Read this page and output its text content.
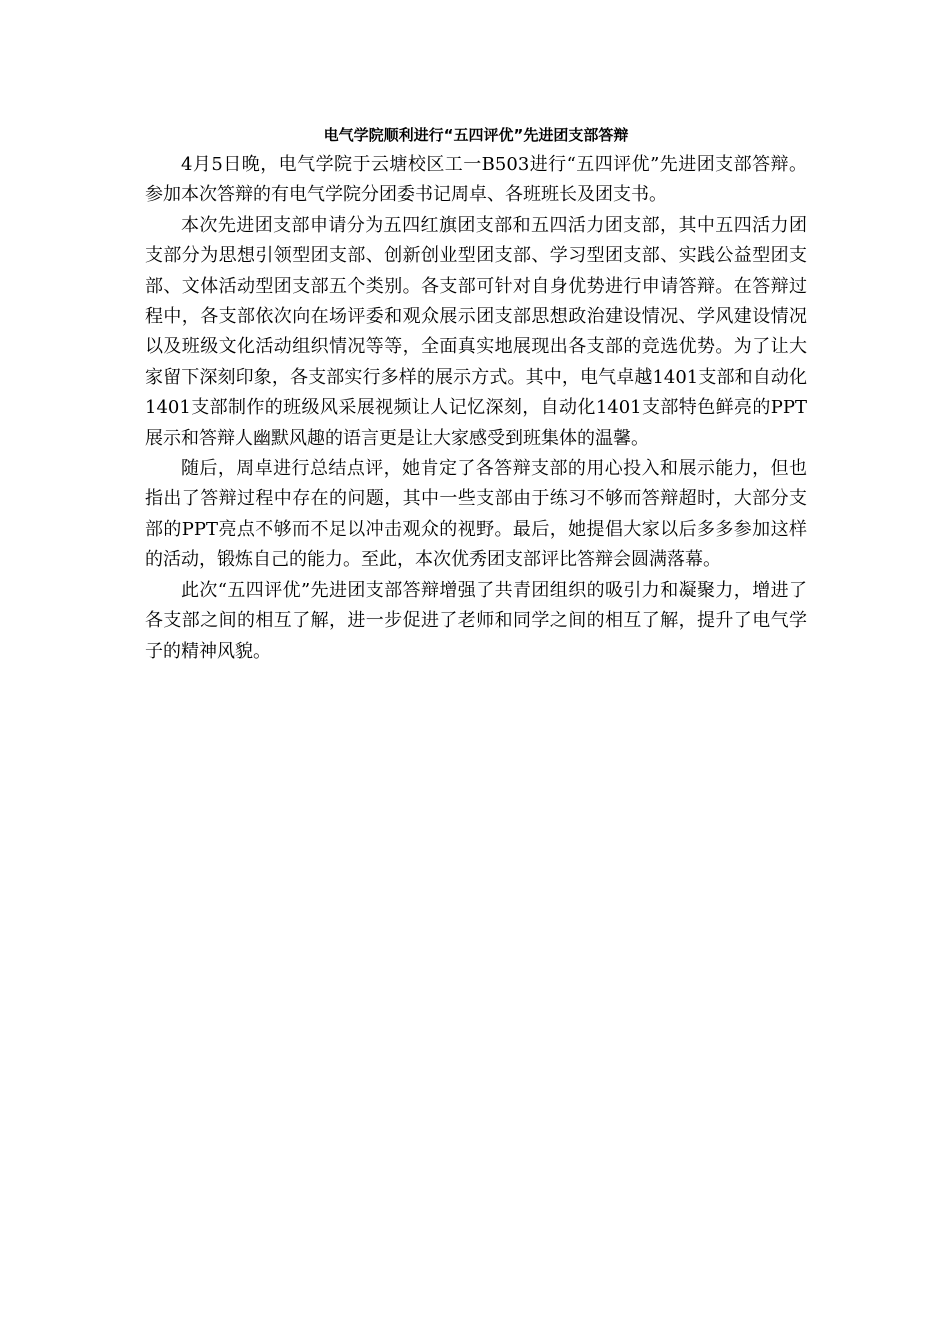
电气学院顺利进行“五四评优”先进团支部答辩

4月5日晚，电气学院于云塘校区工一B503进行“五四评优”先进团支部答辩。参加本次答辩的有电气学院分团委书记周卓、各班班长及团支书。

本次先进团支部申请分为五四红旗团支部和五四活力团支部，其中五四活力团支部分为思想引领型团支部、创新创业型团支部、学习型团支部、实践公益型团支部、文体活动型团支部五个类别。各支部可针对自身优势进行申请答辩。在答辩过程中，各支部依次向在场评委和观众展示团支部思想政治建设情况、学风建设情况以及班级文化活动组织情况等等，全面真实地展现出各支部的竞选优势。为了让大家留下深刻印象，各支部实行多样的展示方式。其中，电气卓越1401支部和自动化1401支部制作的班级风采展视频让人记忆深刻，自动化1401支部特色鲜亮的PPT展示和答辩人幽默风趣的语言更是让大家感受到班集体的温馨。

随后，周卓进行总结点评，她肯定了各答辩支部的用心投入和展示能力，但也指出了答辩过程中存在的问题，其中一些支部由于练习不够而答辩超时，大部分支部的PPT亮点不够而不足以冲击观众的视野。最后，她提倡大家以后多多参加这样的活动，锻炼自己的能力。至此，本次优秀团支部评比答辩会圆满落幕。

此次“五四评优”先进团支部答辩增强了共青团组织的吸引力和凝聚力，增进了各支部之间的相互了解，进一步促进了老师和同学之间的相互了解，提升了电气学子的精神风貌。
